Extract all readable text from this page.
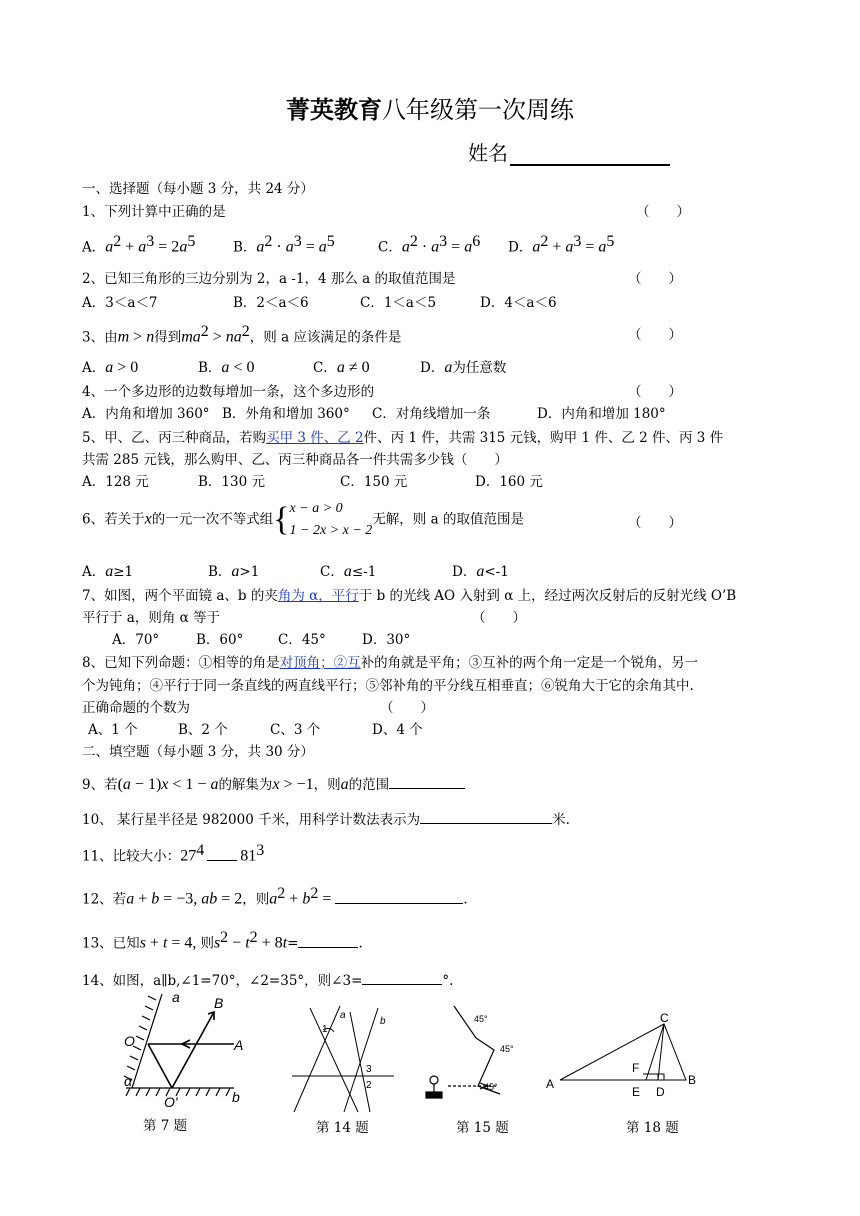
菁英教育八年级第一次周练
姓名
一、选择题（每小题 3 分，共 24 分）
1、下列计算中正确的是	（　　）
A．$a^2 + a^3 = 2a^5$	B．$a^2 \cdot a^3 = a^5$	C．$a^2 \cdot a^3 = a^6$ D．$a^2 + a^3 = a^5$
2、已知三角形的三边分别为 2，a -1，4 那么 a 的取值范围是	（　　）
A．3＜a＜7	B．2＜a＜6	C．1＜a＜5	D．4＜a＜6
3、由m > n得到$ma^2 > na^2$，则 a 应该满足的条件是	（　　）
A．a > 0	B．a < 0	C．a ≠ 0	D．a为任意数
4、一个多边形的边数每增加一条，这个多边形的	（　　）
A．内角和增加 360° B．外角和增加 360° C．对角线增加一条	D．内角和增加 180°
5、甲、乙、丙三种商品，若购买甲 3 件、乙 2件、丙 1 件，共需 315 元钱，购甲 1 件、乙 2 件、丙 3 件
共需 285 元钱，那么购甲、乙、丙三种商品各一件共需多少钱（　　）
A．128 元	B．130 元	C．150 元	D．160 元
6、若关于x的一元一次不等式组{x − a > 0
1 − 2x > x − 2无解，则 a 的取值范围是	（　　）
A．a≥1	B．a>1	C．a≤-1	D．a<-1
7、如图，两个平面镜 a、b 的夹角为 α，平行于 b 的光线 AO 入射到 α 上，经过两次反射后的反射光线 O’B
平行于 a，则角 α 等于	（　　）
A．70°	B．60°	C．45°	D．30°
8、已知下列命题：①相等的角是对顶角；②互补的角就是平角；③互补的两个角一定是一个锐角，另一
个为钝角；④平行于同一条直线的两直线平行；⑤邻补角的平分线互相垂直；⑥锐角大于它的余角其中.
正确命题的个数为	（　　）
A、1 个	B、2 个	C、3 个	D、4 个
二、填空题（每小题 3 分，共 30 分）
9、若(a − 1)x < 1 − a的解集为x > −1，则a的范围
10、 某行星半径是 982000 千米，用科学计数法表示为	米.
11、比较大小：$27^4$ $81^3$
12、若a + b = −3, ab = 2，则$a^2 + b^2$ =	.
13、已知s + t = 4, 则$s^2 - t^2 + 8t=$	.
14、如图，a∥b,∠1=70°，∠2=35°，则∠3=	°.
a B
O	A
α
O'	b
第 7 题
1
a
b
3
2
第 14 题
45°
45°
45°
第 15 题
C
F
A
E D
B
第 18 题
